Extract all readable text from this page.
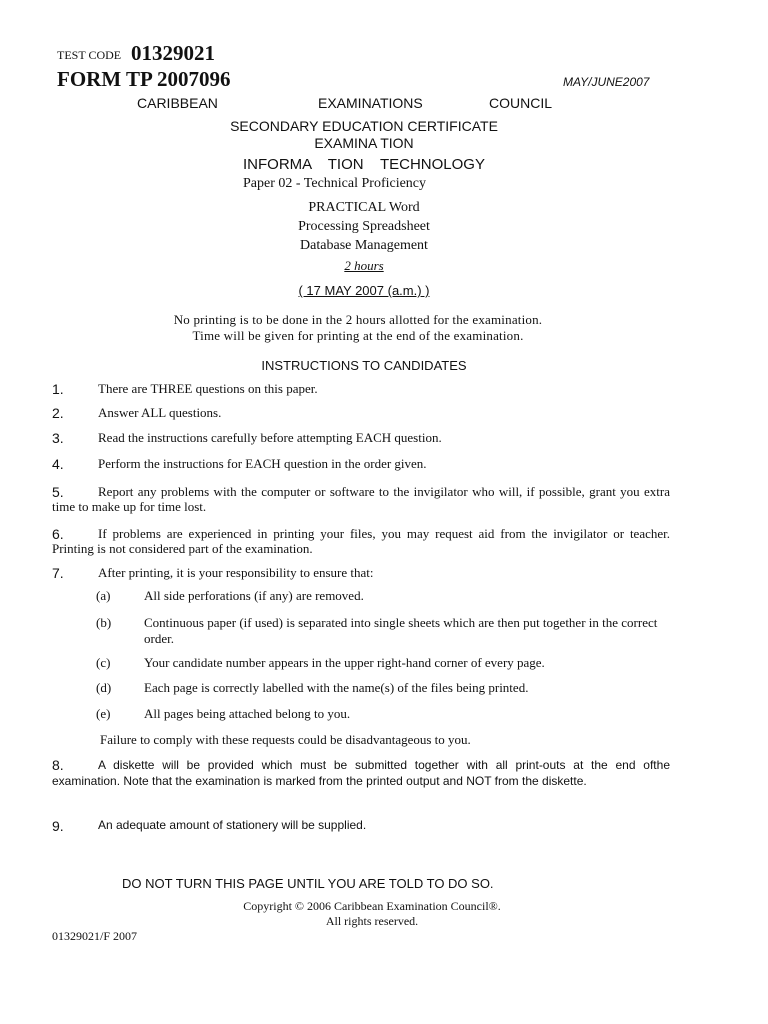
TEST CODE 01329021
FORM TP 2007096	MAY/JUNE2007
CARIBBEAN	EXAMINATIONS	COUNCIL
SECONDARY EDUCATION CERTIFICATE
EXAMINA TION
INFORMA    TION    TECHNOLOGY
Paper 02 - Technical Proficiency
PRACTICAL Word
Processing Spreadsheet
Database Management
2 hours
( 17 MAY 2007 (a.m.) )
No printing is to be done in the 2 hours allotted for the examination.
Time will be given for printing at the end of the examination.
INSTRUCTIONS TO CANDIDATES
1.	There are THREE questions on this paper.
2.	Answer ALL questions.
3.	Read the instructions carefully before attempting EACH question.
4.	Perform the instructions for EACH question in the order given.
5.	Report any problems with the computer or software to the invigilator who will, if possible, grant you extra time to make up for time lost.
6.	If problems are experienced in printing your files, you may request aid from the invigilator or teacher. Printing is not considered part of the examination.
7.	After printing, it is your responsibility to ensure that:
(a)	All side perforations (if any) are removed.
(b)	Continuous paper (if used) is separated into single sheets which are then put together in the correct order.
(c)	Your candidate number appears in the upper right-hand corner of every page.
(d)	Each page is correctly labelled with the name(s) of the files being printed.
(e)	All pages being attached belong to you.
Failure to comply with these requests could be disadvantageous to you.
8.	A diskette will be provided which must be submitted together with all print-outs at the end ofthe examination. Note that the examination is marked from the printed output and NOT from the diskette.
9.	An adequate amount of stationery will be supplied.
DO NOT TURN THIS PAGE UNTIL YOU ARE TOLD TO DO SO.
Copyright © 2006 Caribbean Examination Council®.
All rights reserved.
01329021/F 2007
